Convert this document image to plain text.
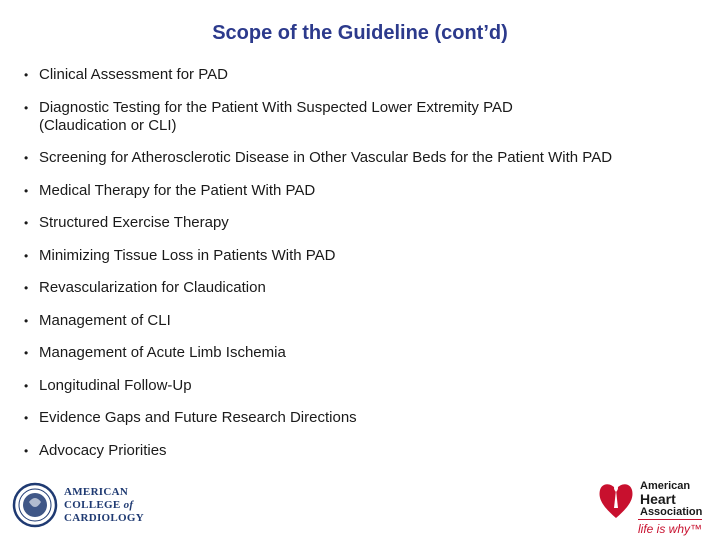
Scope of the Guideline (cont’d)
• Clinical Assessment for PAD
• Diagnostic Testing for the Patient With Suspected Lower Extremity PAD (Claudication or CLI)
• Screening for Atherosclerotic Disease in Other Vascular Beds for the Patient With PAD
• Medical Therapy for the Patient With PAD
• Structured Exercise Therapy
• Minimizing Tissue Loss in Patients With PAD
• Revascularization for Claudication
• Management of CLI
• Management of Acute Limb Ischemia
• Longitudinal Follow-Up
• Evidence Gaps and Future Research Directions
• Advocacy Priorities
AMERICAN
COLLEGE of
CARDIOLOGY
American
Heart
Association
life is why™
